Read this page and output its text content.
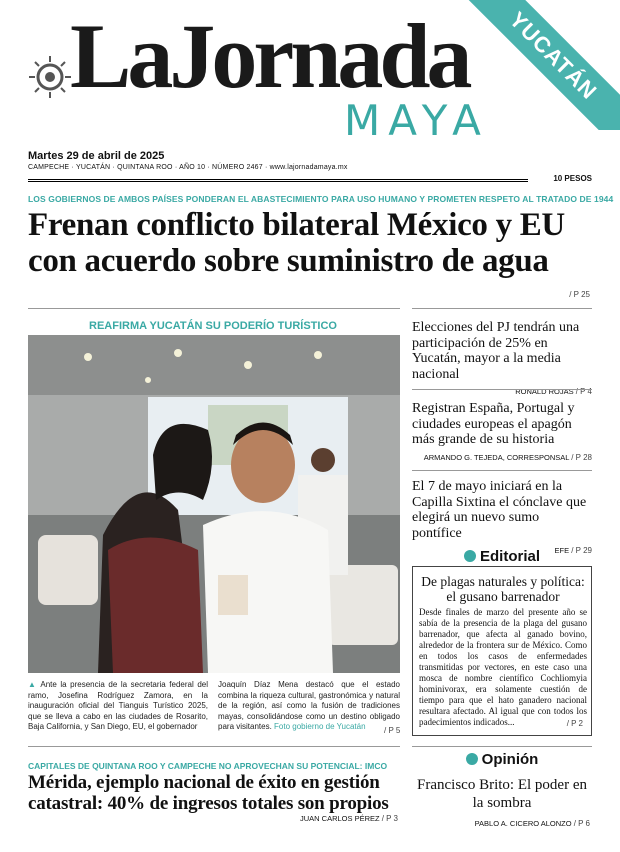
LaJornada
MAYA
YUCATÁN
Martes 29 de abril de 2025
CAMPECHE · YUCATÁN · QUINTANA ROO · AÑO 10 · NÚMERO 2467 · www.lajornadamaya.mx
10 PESOS
LOS GOBIERNOS DE AMBOS PAÍSES PONDERAN EL ABASTECIMIENTO PARA USO HUMANO Y PROMETEN RESPETO AL TRATADO DE 1944
Frenan conflicto bilateral México y EU con acuerdo sobre suministro de agua
/ P 25
REAFIRMA YUCATÁN SU PODERÍO TURÍSTICO
▲ Ante la presencia de la secretaria federal del ramo, Josefina Rodríguez Zamora, en la inauguración oficial del Tianguis Turístico 2025, que se lleva a cabo en las ciudades de Rosarito, Baja California, y San Diego, EU, el gobernador
Joaquín Díaz Mena destacó que el estado combina la riqueza cultural, gastronómica y natural de la región, así como la fusión de tradiciones mayas, consolidándose como un destino obligado para visitantes. Foto gobierno de Yucatán	/ P 5
Elecciones del PJ tendrán una participación de 25% en Yucatán, mayor a la media nacional
RONALD ROJAS / P 4
Registran España, Portugal y ciudades europeas el apagón más grande de su historia
ARMANDO G. TEJEDA, CORRESPONSAL / P 28
El 7 de mayo iniciará en la Capilla Sixtina el cónclave que elegirá un nuevo sumo pontífice
EFE / P 29
Editorial
De plagas naturales y política: el gusano barrenador
Desde finales de marzo del presente año se sabía de la presencia de la plaga del gusano barrenador, que afecta al ganado bovino, alrededor de la frontera sur de México. Como en todos los casos de enfermedades transmitidas por vectores, en este caso una mosca de nombre científico Cochliomyia hominivorax, era solamente cuestión de tiempo para que el hato ganadero nacional resultara afectado. Al igual que con todos los padecimientos indicados...	/ P 2
Opinión
Francisco Brito: El poder en la sombra
PABLO A. CICERO ALONZO / P 6
CAPITALES DE QUINTANA ROO Y CAMPECHE NO APROVECHAN SU POTENCIAL: IMCO
Mérida, ejemplo nacional de éxito en gestión catastral: 40% de ingresos totales son propios
JUAN CARLOS PÉREZ / P 3
